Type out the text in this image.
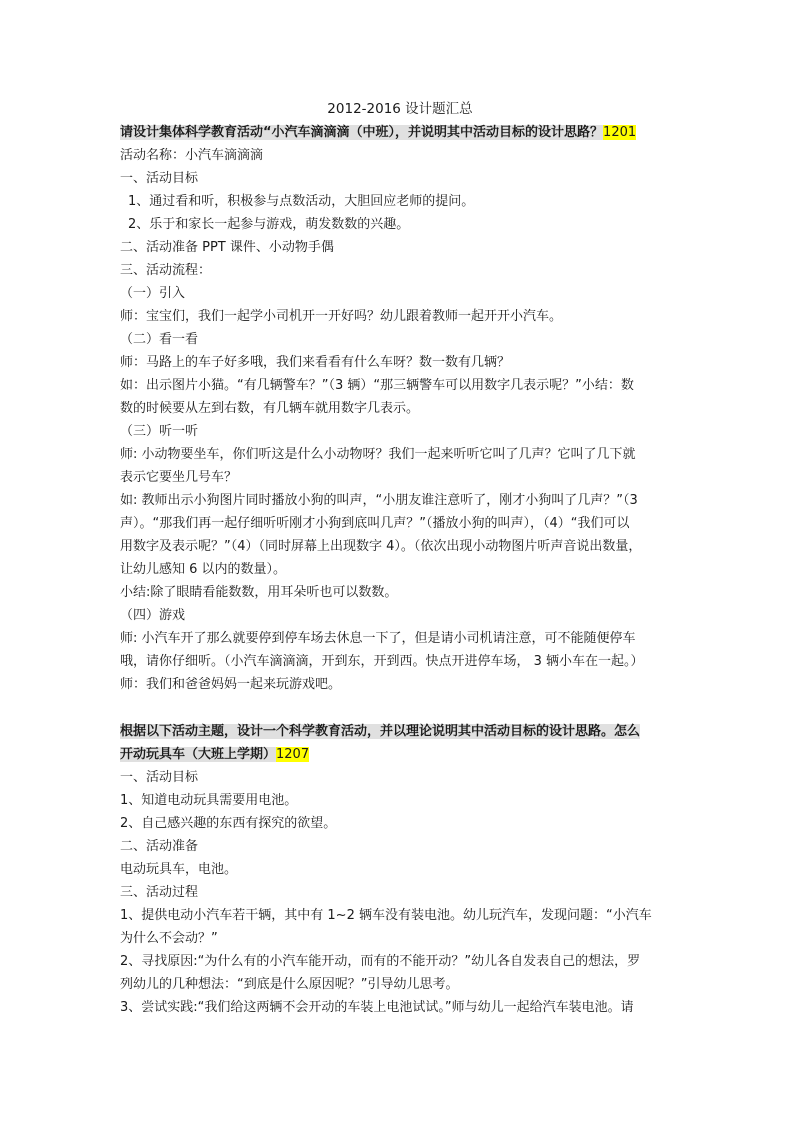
2012-2016 设计题汇总

请设计集体科学教育活动“小汽车滴滴滴（中班），并说明其中活动目标的设计思路？1201

活动名称：小汽车滴滴滴

一、活动目标

1、通过看和听，积极参与点数活动，大胆回应老师的提问。

2、乐于和家长一起参与游戏，萌发数数的兴趣。

二、活动准备 PPT 课件、小动物手偶

三、活动流程：

（一）引入

师：宝宝们，我们一起学小司机开一开好吗？幼儿跟着教师一起开开小汽车。

（二）看一看

师：马路上的车子好多哦，我们来看看有什么车呀？数一数有几辆？

如：出示图片小猫。“有几辆警车？”（3 辆）“那三辆警车可以用数字几表示呢？”小结：数

数的时候要从左到右数，有几辆车就用数字几表示。

（三）听一听

师: 小动物要坐车，你们听这是什么小动物呀？我们一起来听听它叫了几声？它叫了几下就

表示它要坐几号车？

如: 教师出示小狗图片同时播放小狗的叫声，“小朋友谁注意听了，刚才小狗叫了几声？”（3

声）。“那我们再一起仔细听听刚才小狗到底叫几声？”（播放小狗的叫声），（4）“我们可以

用数字及表示呢？”（4）（同时屏幕上出现数字 4）。（依次出现小动物图片听声音说出数量，

让幼儿感知 6 以内的数量）。

小结:除了眼睛看能数数，用耳朵听也可以数数。

（四）游戏

师: 小汽车开了那么就要停到停车场去休息一下了，但是请小司机请注意，可不能随便停车

哦，请你仔细听。（小汽车滴滴滴，开到东，开到西。快点开进停车场， 3 辆小车在一起。）

师：我们和爸爸妈妈一起来玩游戏吧。

根据以下活动主题，设计一个科学教育活动，并以理论说明其中活动目标的设计思路。怎么

开动玩具车（大班上学期）1207

一、活动目标

1、知道电动玩具需要用电池。

2、自己感兴趣的东西有探究的欲望。

二、活动准备

电动玩具车，电池。

三、活动过程

1、提供电动小汽车若干辆，其中有 1~2 辆车没有装电池。幼儿玩汽车，发现问题：“小汽车

为什么不会动？”

2、寻找原因:“为什么有的小汽车能开动，而有的不能开动？”幼儿各自发表自己的想法，罗

列幼儿的几种想法：“到底是什么原因呢？”引导幼儿思考。

3、尝试实践:“我们给这两辆不会开动的车装上电池试试。”师与幼儿一起给汽车装电池。请
